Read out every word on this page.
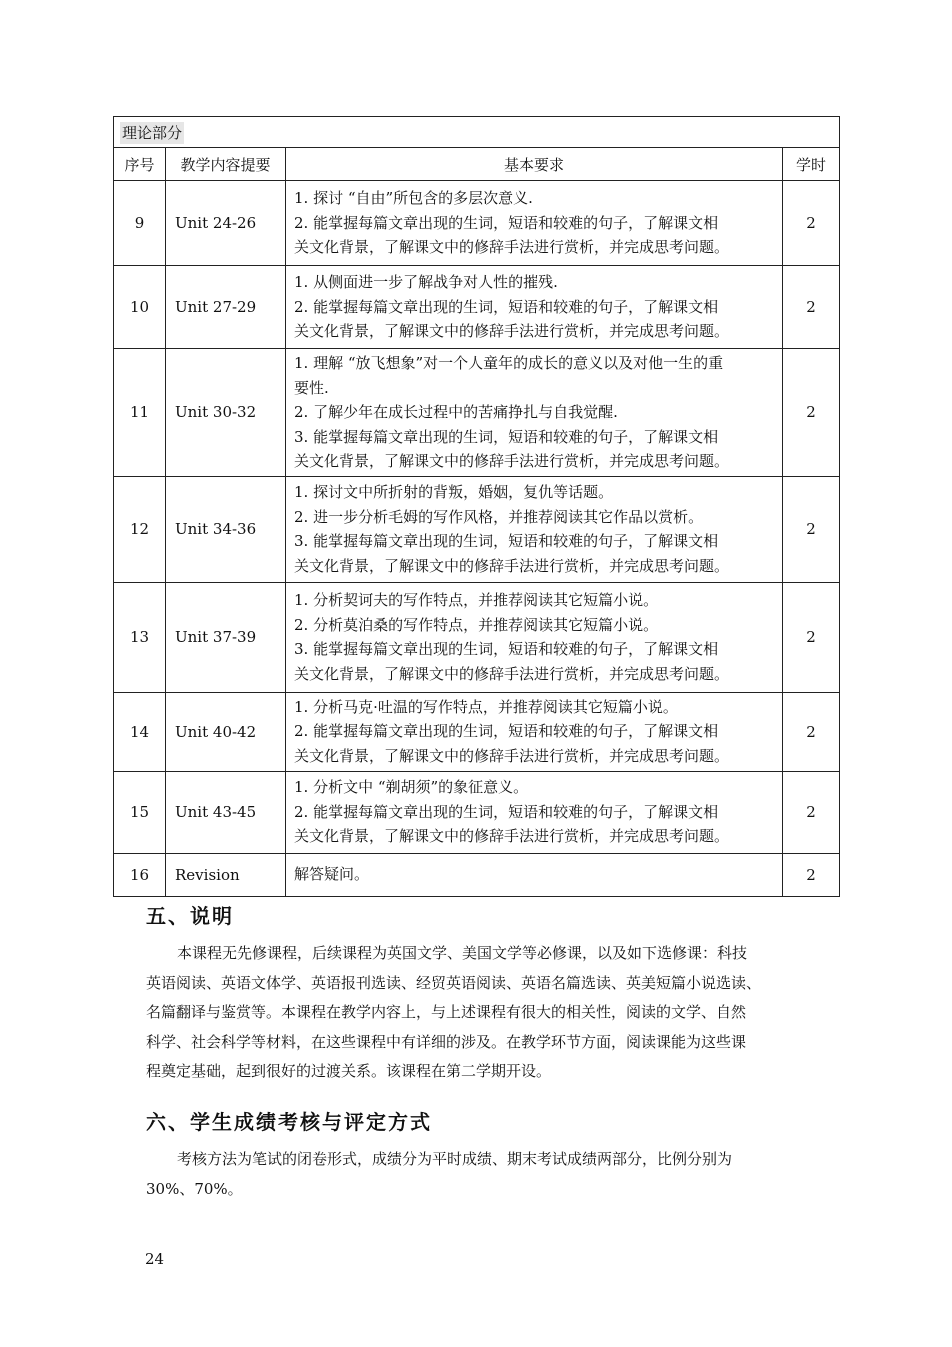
理论部分			
序号	教学内容提要	基本要求	学时
9	Unit 24-26	1. 探讨 “自由”所包含的多层次意义.
2. 能掌握每篇文章出现的生词，短语和较难的句子，了解课文相
关文化背景，了解课文中的修辞手法进行赏析，并完成思考问题。	2
10	Unit 27-29	1. 从侧面进一步了解战争对人性的摧残.
2. 能掌握每篇文章出现的生词，短语和较难的句子，了解课文相
关文化背景，了解课文中的修辞手法进行赏析，并完成思考问题。	2
11	Unit 30-32	1. 理解 “放飞想象”对一个人童年的成长的意义以及对他一生的重
要性.
2. 了解少年在成长过程中的苦痛挣扎与自我觉醒.
3. 能掌握每篇文章出现的生词，短语和较难的句子，了解课文相
关文化背景，了解课文中的修辞手法进行赏析，并完成思考问题。	2
12	Unit 34-36	1. 探讨文中所折射的背叛，婚姻，复仇等话题。
2. 进一步分析毛姆的写作风格，并推荐阅读其它作品以赏析。
3. 能掌握每篇文章出现的生词，短语和较难的句子，了解课文相
关文化背景，了解课文中的修辞手法进行赏析，并完成思考问题。	2
13	Unit 37-39	1. 分析契诃夫的写作特点，并推荐阅读其它短篇小说。
2. 分析莫泊桑的写作特点，并推荐阅读其它短篇小说。
3. 能掌握每篇文章出现的生词，短语和较难的句子，了解课文相
关文化背景，了解课文中的修辞手法进行赏析，并完成思考问题。	2
14	Unit 40-42	1. 分析马克·吐温的写作特点，并推荐阅读其它短篇小说。
2. 能掌握每篇文章出现的生词，短语和较难的句子，了解课文相
关文化背景，了解课文中的修辞手法进行赏析，并完成思考问题。	2
15	Unit 43-45	1. 分析文中 “剃胡须”的象征意义。
2. 能掌握每篇文章出现的生词，短语和较难的句子，了解课文相
关文化背景，了解课文中的修辞手法进行赏析，并完成思考问题。	2
16	Revision	解答疑问。	2
五、说明

本课程无先修课程，后续课程为英国文学、美国文学等必修课，以及如下选修课：科技
英语阅读、英语文体学、英语报刊选读、经贸英语阅读、英语名篇选读、英美短篇小说选读、
名篇翻译与鉴赏等。本课程在教学内容上，与上述课程有很大的相关性，阅读的文学、自然
科学、社会科学等材料，在这些课程中有详细的涉及。在教学环节方面，阅读课能为这些课
程奠定基础，起到很好的过渡关系。该课程在第二学期开设。

六、学生成绩考核与评定方式

考核方法为笔试的闭卷形式，成绩分为平时成绩、期末考试成绩两部分，比例分别为
30%、70%。

24
